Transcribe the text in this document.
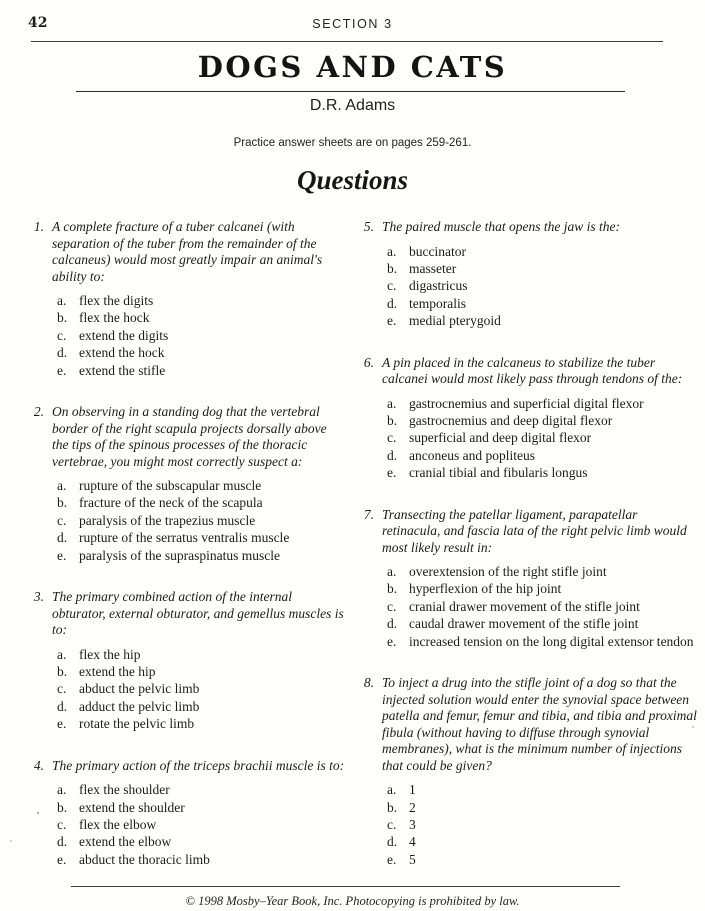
42	SECTION 3
DOGS AND CATS
D.R. Adams
Practice answer sheets are on pages 259-261.
Questions
1. A complete fracture of a tuber calcanei (with separation of the tuber from the remainder of the calcaneus) would most greatly impair an animal's ability to:
a. flex the digits
b. flex the hock
c. extend the digits
d. extend the hock
e. extend the stifle
2. On observing in a standing dog that the vertebral border of the right scapula projects dorsally above the tips of the spinous processes of the thoracic vertebrae, you might most correctly suspect a:
a. rupture of the subscapular muscle
b. fracture of the neck of the scapula
c. paralysis of the trapezius muscle
d. rupture of the serratus ventralis muscle
e. paralysis of the supraspinatus muscle
3. The primary combined action of the internal obturator, external obturator, and gemellus muscles is to:
a. flex the hip
b. extend the hip
c. abduct the pelvic limb
d. adduct the pelvic limb
e. rotate the pelvic limb
4. The primary action of the triceps brachii muscle is to:
a. flex the shoulder
b. extend the shoulder
c. flex the elbow
d. extend the elbow
e. abduct the thoracic limb
5. The paired muscle that opens the jaw is the:
a. buccinator
b. masseter
c. digastricus
d. temporalis
e. medial pterygoid
6. A pin placed in the calcaneus to stabilize the tuber calcanei would most likely pass through tendons of the:
a. gastrocnemius and superficial digital flexor
b. gastrocnemius and deep digital flexor
c. superficial and deep digital flexor
d. anconeus and popliteus
e. cranial tibial and fibularis longus
7. Transecting the patellar ligament, parapatellar retinacula, and fascia lata of the right pelvic limb would most likely result in:
a. overextension of the right stifle joint
b. hyperflexion of the hip joint
c. cranial drawer movement of the stifle joint
d. caudal drawer movement of the stifle joint
e. increased tension on the long digital extensor tendon
8. To inject a drug into the stifle joint of a dog so that the injected solution would enter the synovial space between patella and femur, femur and tibia, and tibia and proximal fibula (without having to diffuse through synovial membranes), what is the minimum number of injections that could be given?
a. 1
b. 2
c. 3
d. 4
e. 5
© 1998 Mosby–Year Book, Inc. Photocopying is prohibited by law.
